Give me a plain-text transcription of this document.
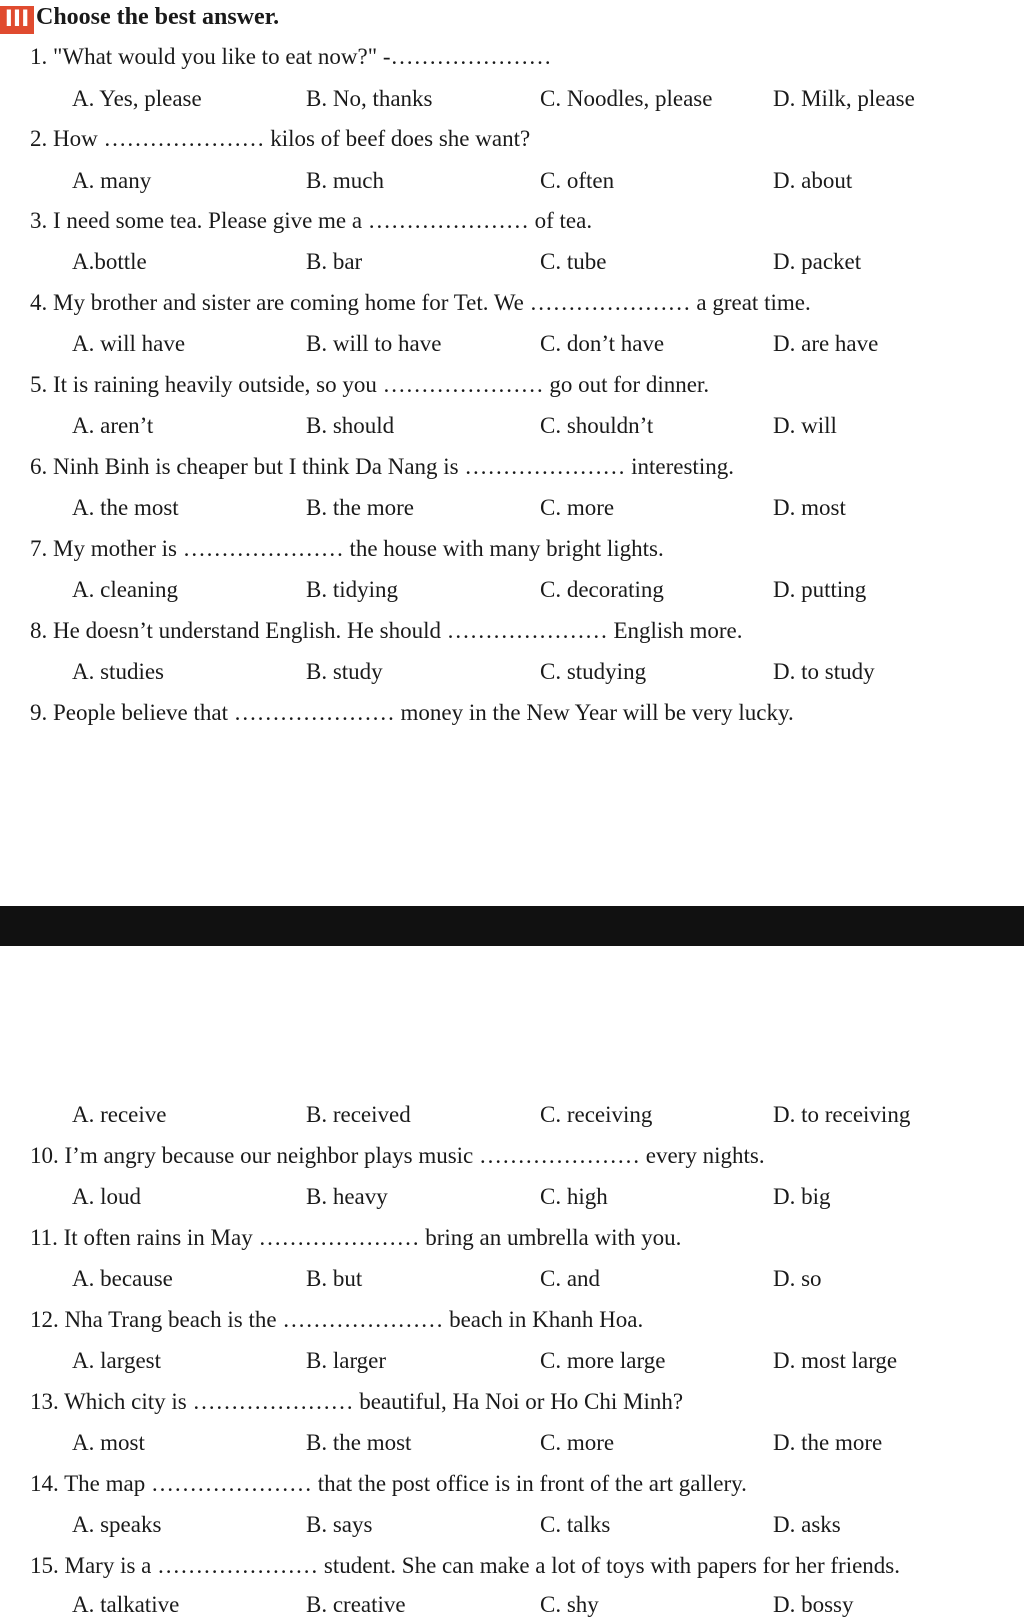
III Choose the best answer.
1. "What would you like to eat now?" -…………………
A. Yes, please	B. No, thanks	C. Noodles, please	D. Milk, please
2. How ………………… kilos of beef does she want?
A. many	B. much	C. often	D. about
3. I need some tea. Please give me a ………………… of tea.
A.bottle	B. bar	C. tube	D. packet
4. My brother and sister are coming home for Tet. We ………………… a great time.
A. will have	B. will to have	C. don’t have	D. are have
5. It is raining heavily outside, so you ………………… go out for dinner.
A. aren’t	B. should	C. shouldn’t	D. will
6. Ninh Binh is cheaper but I think Da Nang is ………………… interesting.
A. the most	B. the more	C. more	D. most
7. My mother is ………………… the house with many bright lights.
A. cleaning	B. tidying	C. decorating	D. putting
8. He doesn’t understand English. He should ………………… English more.
A. studies	B. study	C. studying	D. to study
9. People believe that ………………… money in the New Year will be very lucky.
A. receive	B. received	C. receiving	D. to receiving
10. I’m angry because our neighbor plays music ………………… every nights.
A. loud	B. heavy	C. high	D. big
11. It often rains in May ………………… bring an umbrella with you.
A. because	B. but	C. and	D. so
12. Nha Trang beach is the ………………… beach in Khanh Hoa.
A. largest	B. larger	C. more large	D. most large
13. Which city is ………………… beautiful, Ha Noi or Ho Chi Minh?
A. most	B. the most	C. more	D. the more
14. The map ………………… that the post office is in front of the art gallery.
A. speaks	B. says	C. talks	D. asks
15. Mary is a ………………… student. She can make a lot of toys with papers for her friends.
A. talkative	B. creative	C. shy	D. bossy
